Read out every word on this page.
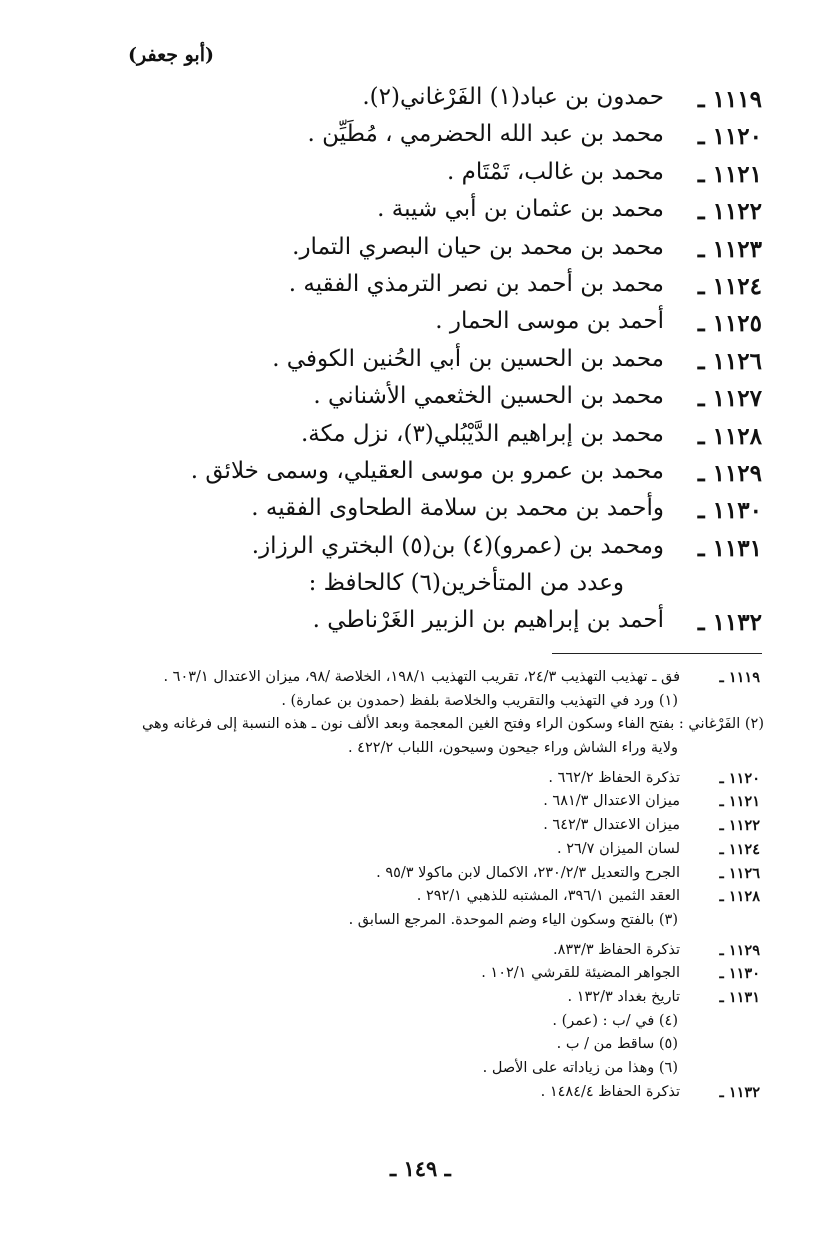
(أبو جعفر)
١١١٩ ـ
حمدون بن عباد(١) الفَرْغاني(٢).
١١٢٠ ـ
محمد بن عبد الله الحضرمي ، مُطَيِّن .
١١٢١ ـ
محمد بن غالب، تَمْتَام .
١١٢٢ ـ
محمد بن عثمان بن أبي شيبة .
١١٢٣ ـ
محمد بن محمد بن حيان البصري التمار.
١١٢٤ ـ
محمد بن أحمد بن نصر الترمذي الفقيه .
١١٢٥ ـ
أحمد بن موسى الحمار .
١١٢٦ ـ
محمد بن الحسين بن أبي الحُنين الكوفي .
١١٢٧ ـ
محمد بن الحسين الخثعمي الأشناني .
١١٢٨ ـ
محمد بن إبراهيم الدَّيْبُلي(٣)، نزل مكة.
١١٢٩ ـ
محمد بن عمرو بن موسى العقيلي، وسمى خلائق .
١١٣٠ ـ
وأحمد بن محمد بن سلامة الطحاوى الفقيه .
١١٣١ ـ
ومحمد بن (عمرو)(٤) بن(٥) البختري الرزاز.
وعدد من المتأخرين(٦) كالحافظ :
١١٣٢ ـ
أحمد بن إبراهيم بن الزبير الغَرْناطي .
١١١٩ ـ
فق ـ تهذيب التهذيب ٢٤/٣، تقريب التهذيب ١٩٨/١، الخلاصة /٩٨، ميزان الاعتدال ٦٠٣/١ .
(١) ورد في التهذيب والتقريب والخلاصة بلفظ (حمدون بن عمارة) .
(٢) الفَرْغاني : بفتح الفاء وسكون الراء وفتح الغين المعجمة وبعد الألف نون ـ هذه النسبة إلى فرغانه وهي
ولاية وراء الشاش وراء جيحون وسيحون، اللباب ٤٢٢/٢ .
١١٢٠ ـ
تذكرة الحفاظ ٦٦٢/٢ .
١١٢١ ـ
ميزان الاعتدال ٦٨١/٣ .
١١٢٢ ـ
ميزان الاعتدال ٦٤٢/٣ .
١١٢٤ ـ
لسان الميزان ٢٦/٧ .
١١٢٦ ـ
الجرح والتعديل ٢٣٠/٢/٣، الاكمال لابن ماكولا ٩٥/٣ .
١١٢٨ ـ
العقد الثمين ٣٩٦/١، المشتبه للذهبي ٢٩٢/١ .
(٣) بالفتح وسكون الياء وضم الموحدة. المرجع السابق .
١١٢٩ ـ
تذكرة الحفاظ ٨٣٣/٣.
١١٣٠ ـ
الجواهر المضيئة للقرشي ١٠٢/١ .
١١٣١ ـ
تاريخ بغداد ١٣٢/٣ .
(٤) في /ب : (عمر) .
(٥) ساقط من / ب .
(٦) وهذا من زياداته على الأصل .
١١٣٢ ـ
تذكرة الحفاظ ١٤٨٤/٤ .
ـ ١٤٩ ـ
